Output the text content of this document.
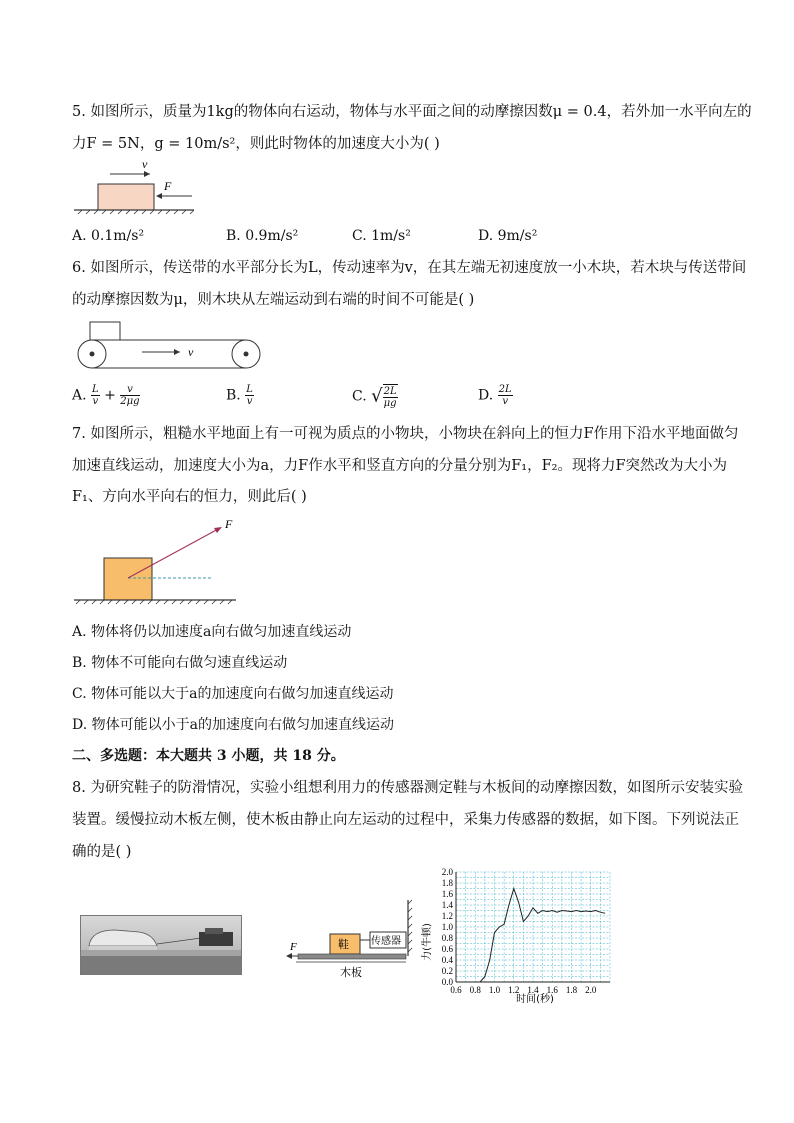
5. 如图所示，质量为1kg的物体向右运动，物体与水平面之间的动摩擦因数μ = 0.4，若外加一水平向左的
力F = 5N，g = 10m/s²，则此时物体的加速度大小为( )
v
F
A. 0.1m/s²	B. 0.9m/s²	C. 1m/s²	D. 9m/s²
6. 如图所示，传送带的水平部分长为L，传动速率为v，在其左端无初速度放一小木块，若木块与传送带间
的动摩擦因数为μ，则木块从左端运动到右端的时间不可能是( )
v
A. $\frac{L}{v} + \frac{v}{2\mu g}$	B. $\frac{L}{v}$	C. √ $\frac{2L}{\mu g}$	D. $\frac{2L}{v}$
7. 如图所示，粗糙水平地面上有一可视为质点的小物块，小物块在斜向上的恒力F作用下沿水平地面做匀
加速直线运动，加速度大小为a，力F作水平和竖直方向的分量分别为F₁，F₂。现将力F突然改为大小为
F₁、方向水平向右的恒力，则此后( )
F
A. 物体将仍以加速度a向右做匀加速直线运动
B. 物体不可能向右做匀速直线运动
C. 物体可能以大于a的加速度向右做匀加速直线运动
D. 物体可能以小于a的加速度向右做匀加速直线运动
二、多选题：本大题共 3 小题，共 18 分。
8. 为研究鞋子的防滑情况，实验小组想利用力的传感器测定鞋与木板间的动摩擦因数，如图所示安装实验
装置。缓慢拉动木板左侧，使木板由静止向左运动的过程中，采集力传感器的数据，如下图。下列说法正
确的是( )
鞋 传感器
F
木板
0.0
0.2
0.4
0.6
0.8
1.0
1.2
1.4
1.6
1.8
2.0
0.6 0.8 1.0 1.2 1.4 1.6 1.8 2.0
力(牛顿)
时间(秒)
